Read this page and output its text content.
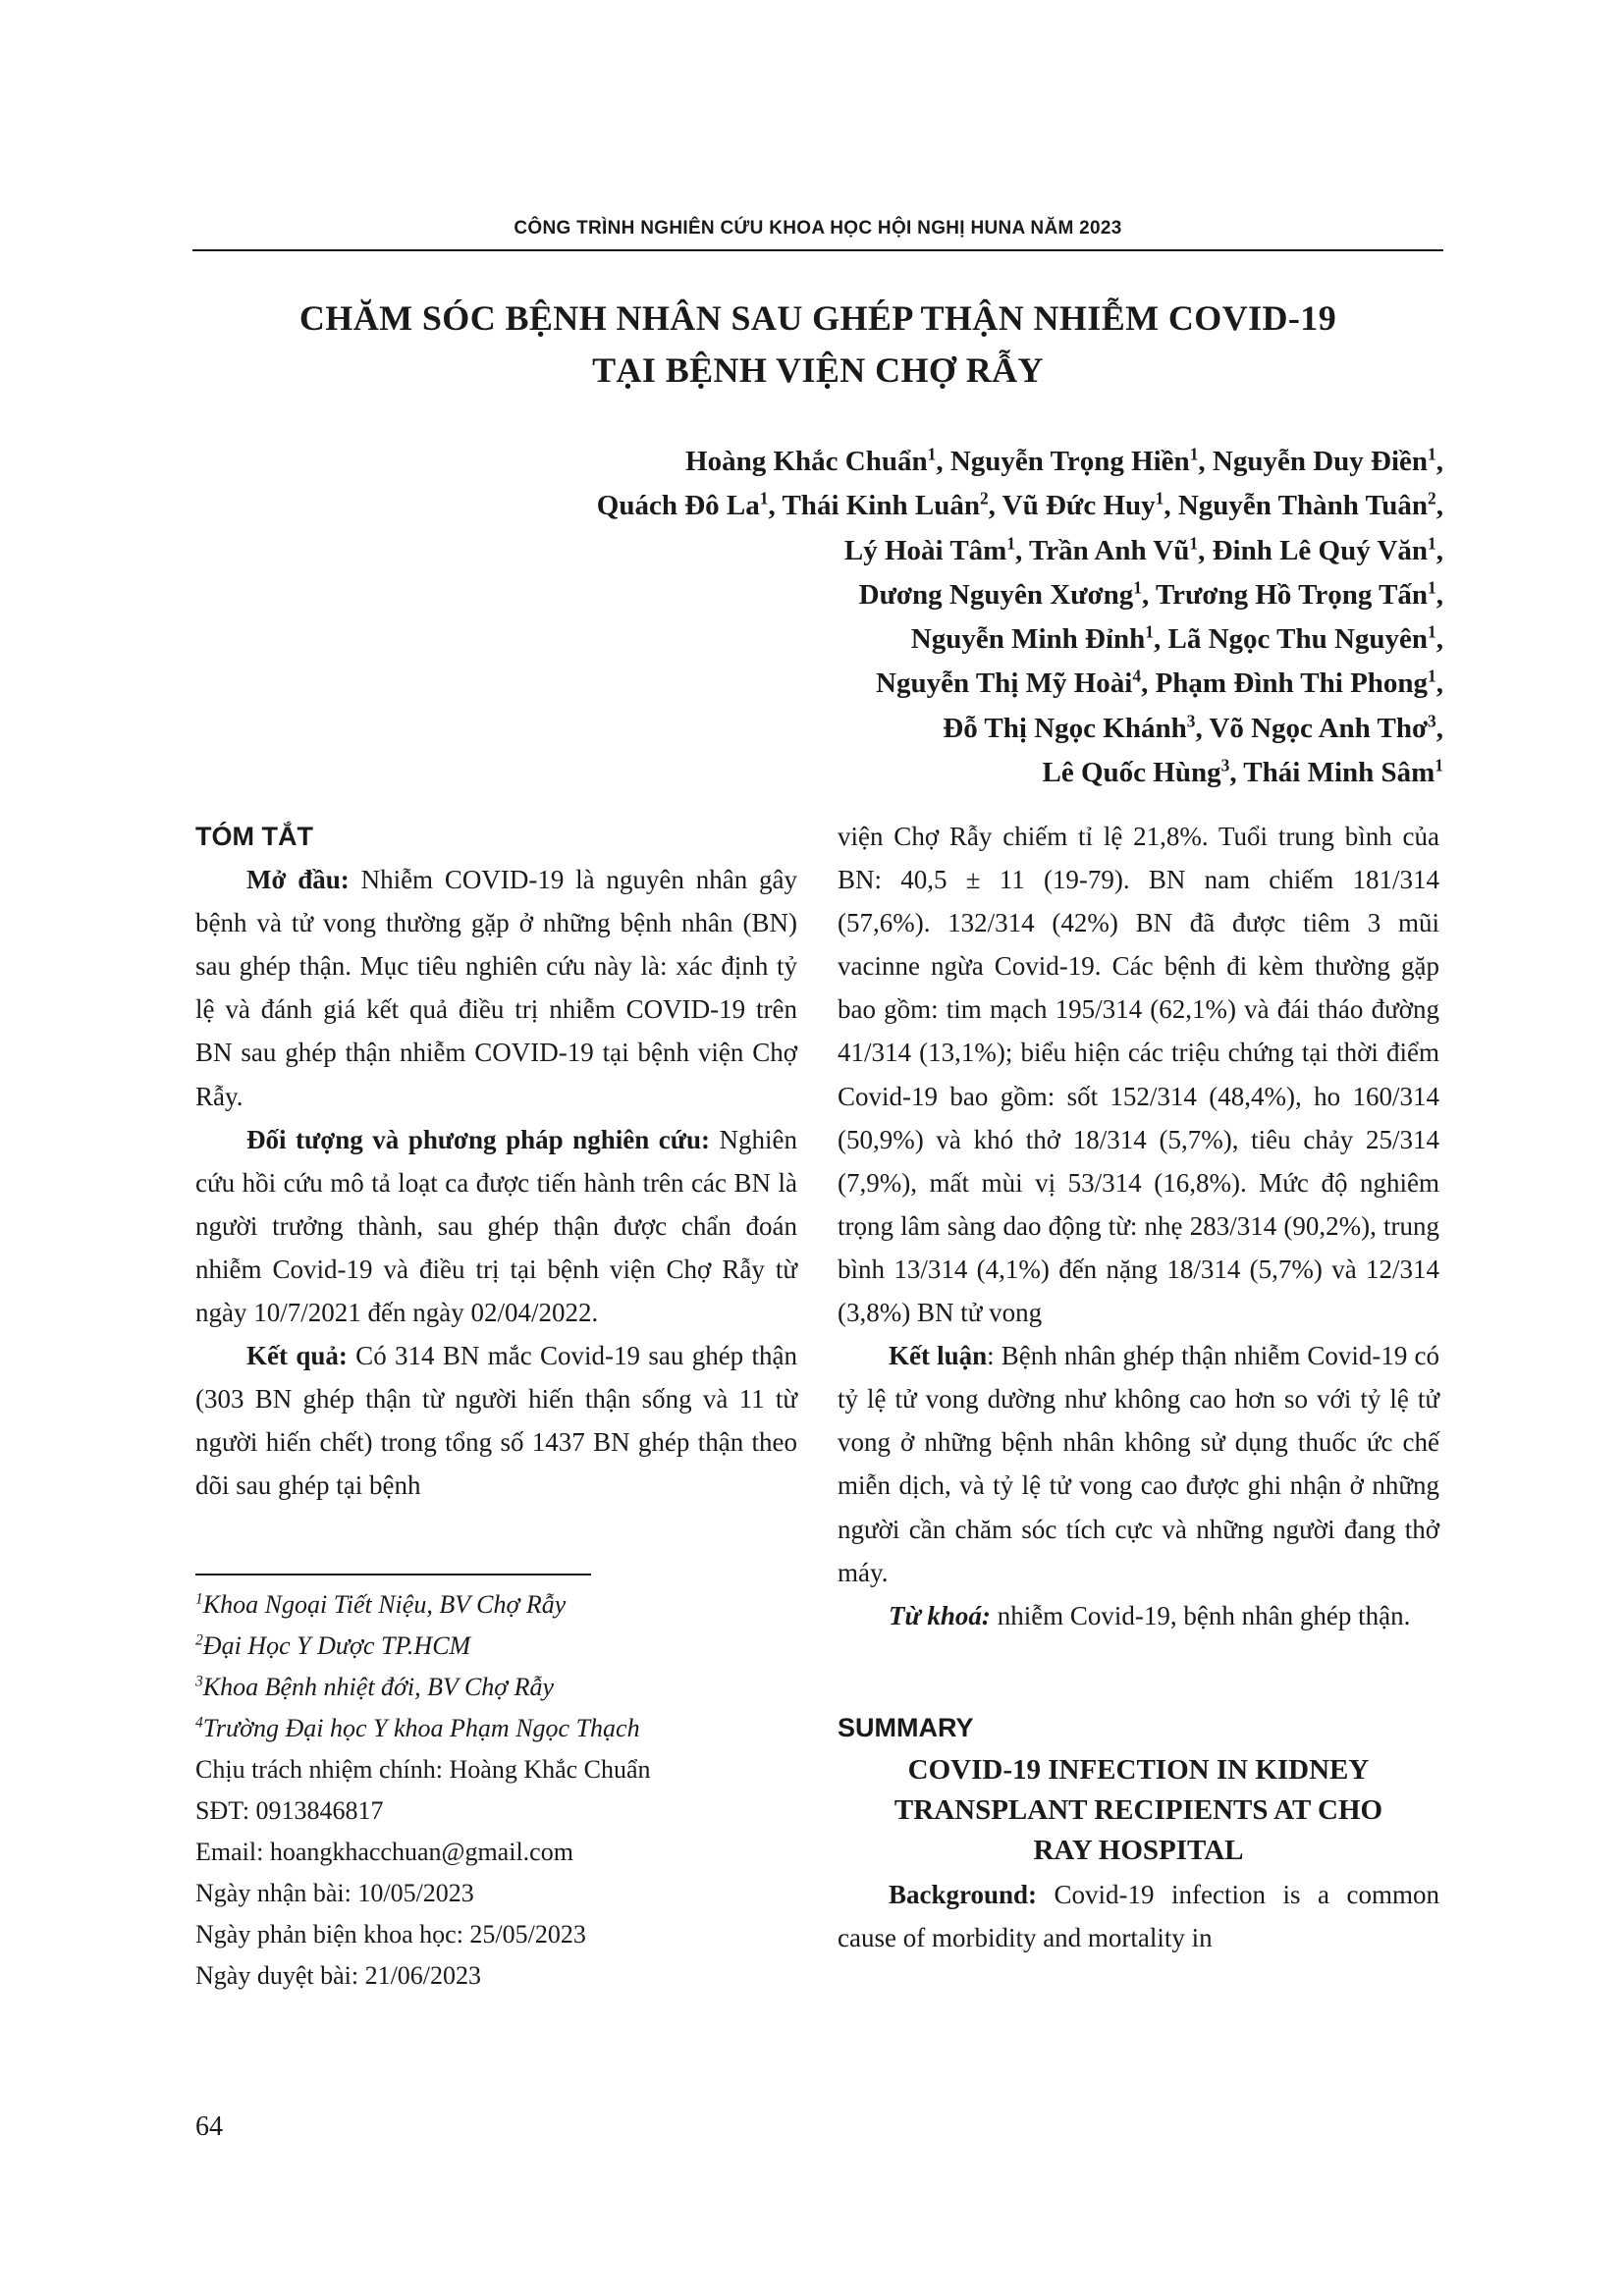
CÔNG TRÌNH NGHIÊN CỨU KHOA HỌC HỘI NGHỊ HUNA NĂM 2023
CHĂM SÓC BỆNH NHÂN SAU GHÉP THẬN NHIỄM COVID-19
TẠI BỆNH VIỆN CHỢ RẪY
Hoàng Khắc Chuẩn$^1$, Nguyễn Trọng Hiền$^1$, Nguyễn Duy Điền$^1$,
Quách Đô La$^1$, Thái Kinh Luân$^2$, Vũ Đức Huy$^1$, Nguyễn Thành Tuân$^2$,
Lý Hoài Tâm$^1$, Trần Anh $Vũ^1$, Đinh Lê Quý Văn$^1$,
Dương Nguyên Xương$^1$, Trương Hồ Trọng Tấn$^1$,
Nguyễn Minh Đỉnh$^1$, Lã Ngọc Thu Nguyên$^1$,
Nguyễn Thị Mỹ Hoài$^4$, Phạm Đình Thi Phong$^1$,
Đỗ Thị Ngọc Khánh$^3$, Võ Ngọc Anh Thơ$^3$,
Lê Quốc Hùng$^3$, Thái Minh Sâm$^1$

TÓM TẮT

Mở đầu: Nhiễm COVID-19 là nguyên nhân gây bệnh và tử vong thường gặp ở những bệnh nhân (BN) sau ghép thận. Mục tiêu nghiên cứu này là: xác định tỷ lệ và đánh giá kết quả điều trị nhiễm COVID-19 trên BN sau ghép thận nhiễm COVID-19 tại bệnh viện Chợ Rẫy.

Đối tượng và phương pháp nghiên cứu: Nghiên cứu hồi cứu mô tả loạt ca được tiến hành trên các BN là người trưởng thành, sau ghép thận được chẩn đoán nhiễm Covid-19 và điều trị tại bệnh viện Chợ Rẫy từ ngày 10/7/2021 đến ngày 02/04/2022.

Kết quả: Có 314 BN mắc Covid-19 sau ghép thận (303 BN ghép thận từ người hiến thận sống và 11 từ người hiến chết) trong tổng số 1437 BN ghép thận theo dõi sau ghép tại bệnh

$^1$Khoa Ngoại Tiết Niệu, BV Chợ Rẫy
$^2$Đại Học Y Dược TP.HCM
$^3$Khoa Bệnh nhiệt đới, BV Chợ Rẫy
$^4$Trường Đại học Y khoa Phạm Ngọc Thạch
Chịu trách nhiệm chính: Hoàng Khắc Chuẩn
SĐT: 0913846817
Email: hoangkhacchuan@gmail.com
Ngày nhận bài: 10/05/2023
Ngày phản biện khoa học: 25/05/2023
Ngày duyệt bài: 21/06/2023

viện Chợ Rẫy chiếm tỉ lệ 21,8%. Tuổi trung bình của BN: 40,5 ± 11 (19-79). BN nam chiếm 181/314 (57,6%). 132/314 (42%) BN đã được tiêm 3 mũi vacinne ngừa Covid-19. Các bệnh đi kèm thường gặp bao gồm: tim mạch 195/314 (62,1%) và đái tháo đường 41/314 (13,1%); biểu hiện các triệu chứng tại thời điểm Covid-19 bao gồm: sốt 152/314 (48,4%), ho 160/314 (50,9%) và khó thở 18/314 (5,7%), tiêu chảy 25/314 (7,9%), mất mùi vị 53/314 (16,8%). Mức độ nghiêm trọng lâm sàng dao động từ: nhẹ 283/314 (90,2%), trung bình 13/314 (4,1%) đến nặng 18/314 (5,7%) và 12/314 (3,8%) BN tử vong

Kết luận: Bệnh nhân ghép thận nhiễm Covid-19 có tỷ lệ tử vong dường như không cao hơn so với tỷ lệ tử vong ở những bệnh nhân không sử dụng thuốc ức chế miễn dịch, và tỷ lệ tử vong cao được ghi nhận ở những người cần chăm sóc tích cực và những người đang thở máy.

Từ khoá: nhiễm Covid-19, bệnh nhân ghép thận.

SUMMARY

COVID-19 INFECTION IN KIDNEY
TRANSPLANT RECIPIENTS AT CHO
RAY HOSPITAL

Background: Covid-19 infection is a common cause of morbidity and mortality in

64
